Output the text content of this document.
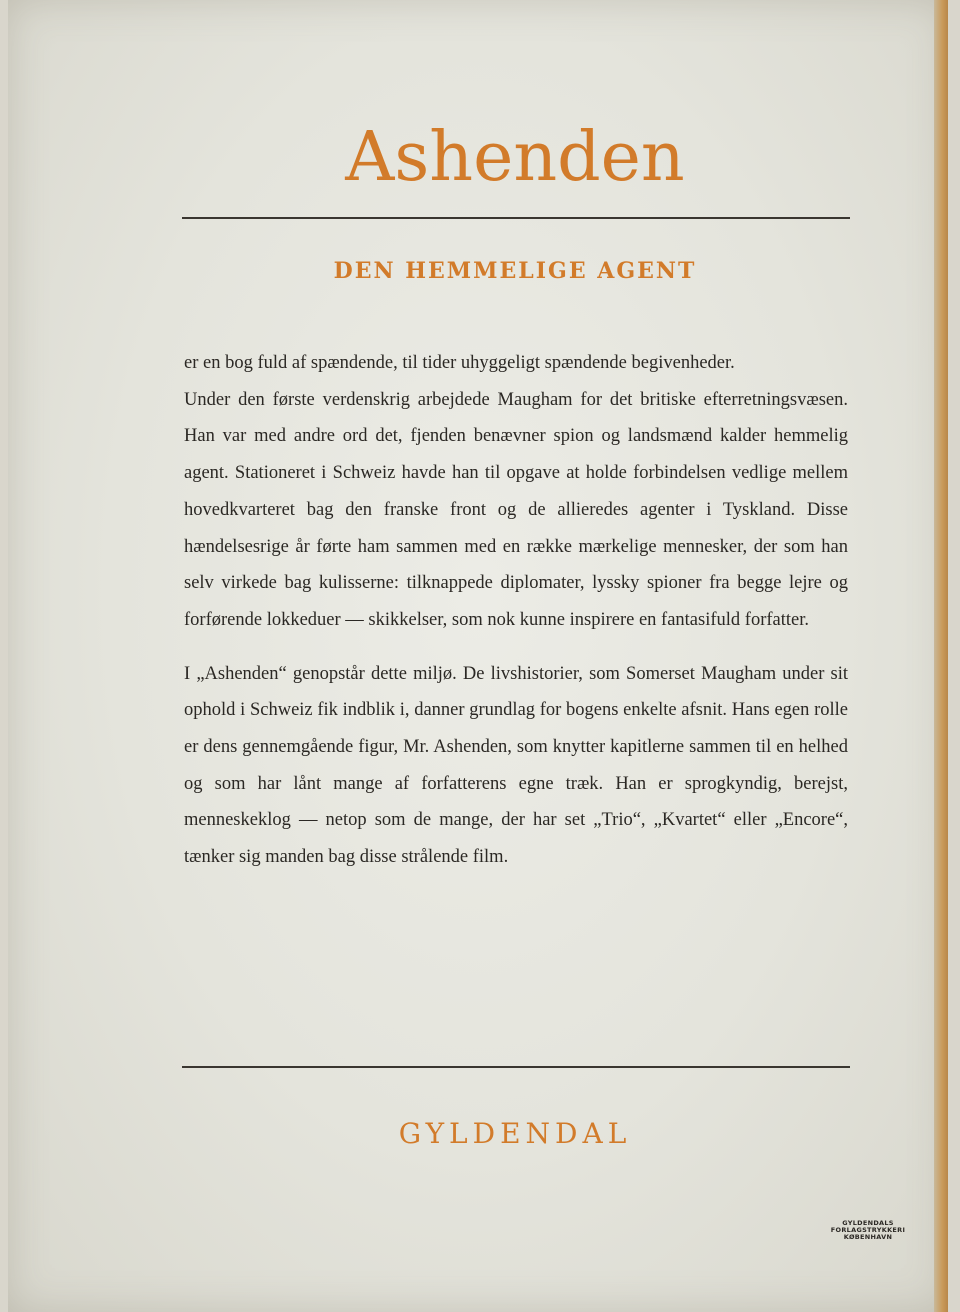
Ashenden
DEN HEMMELIGE AGENT

er en bog fuld af spændende, til tider uhyggeligt spændende begivenheder.

Under den første verdenskrig arbejdede Maugham for det britiske efterretningsvæsen. Han var med andre ord det, fjenden benævner spion og landsmænd kalder hemmelig agent. Stationeret i Schweiz havde han til opgave at holde forbindelsen vedlige mellem hovedkvarteret bag den franske front og de allieredes agenter i Tyskland. Disse hændelsesrige år førte ham sammen med en række mærkelige mennesker, der som han selv virkede bag kulisserne: tilknappede diplomater, lyssky spioner fra begge lejre og forførende lokkeduer — skikkelser, som nok kunne inspirere en fantasifuld forfatter.

I „Ashenden“ genopstår dette miljø. De livshistorier, som Somerset Maugham under sit ophold i Schweiz fik indblik i, danner grundlag for bogens enkelte afsnit. Hans egen rolle er dens gennemgående figur, Mr. Ashenden, som knytter kapitlerne sammen til en helhed og som har lånt mange af forfatterens egne træk. Han er sprogkyndig, berejst, menneskeklog — netop som de mange, der har set „Trio“, „Kvartet“ eller „Encore“, tænker sig manden bag disse strålende film.

GYLDENDAL
GYLDENDALS
FORLAGSTRYKKERI
KØBENHAVN
